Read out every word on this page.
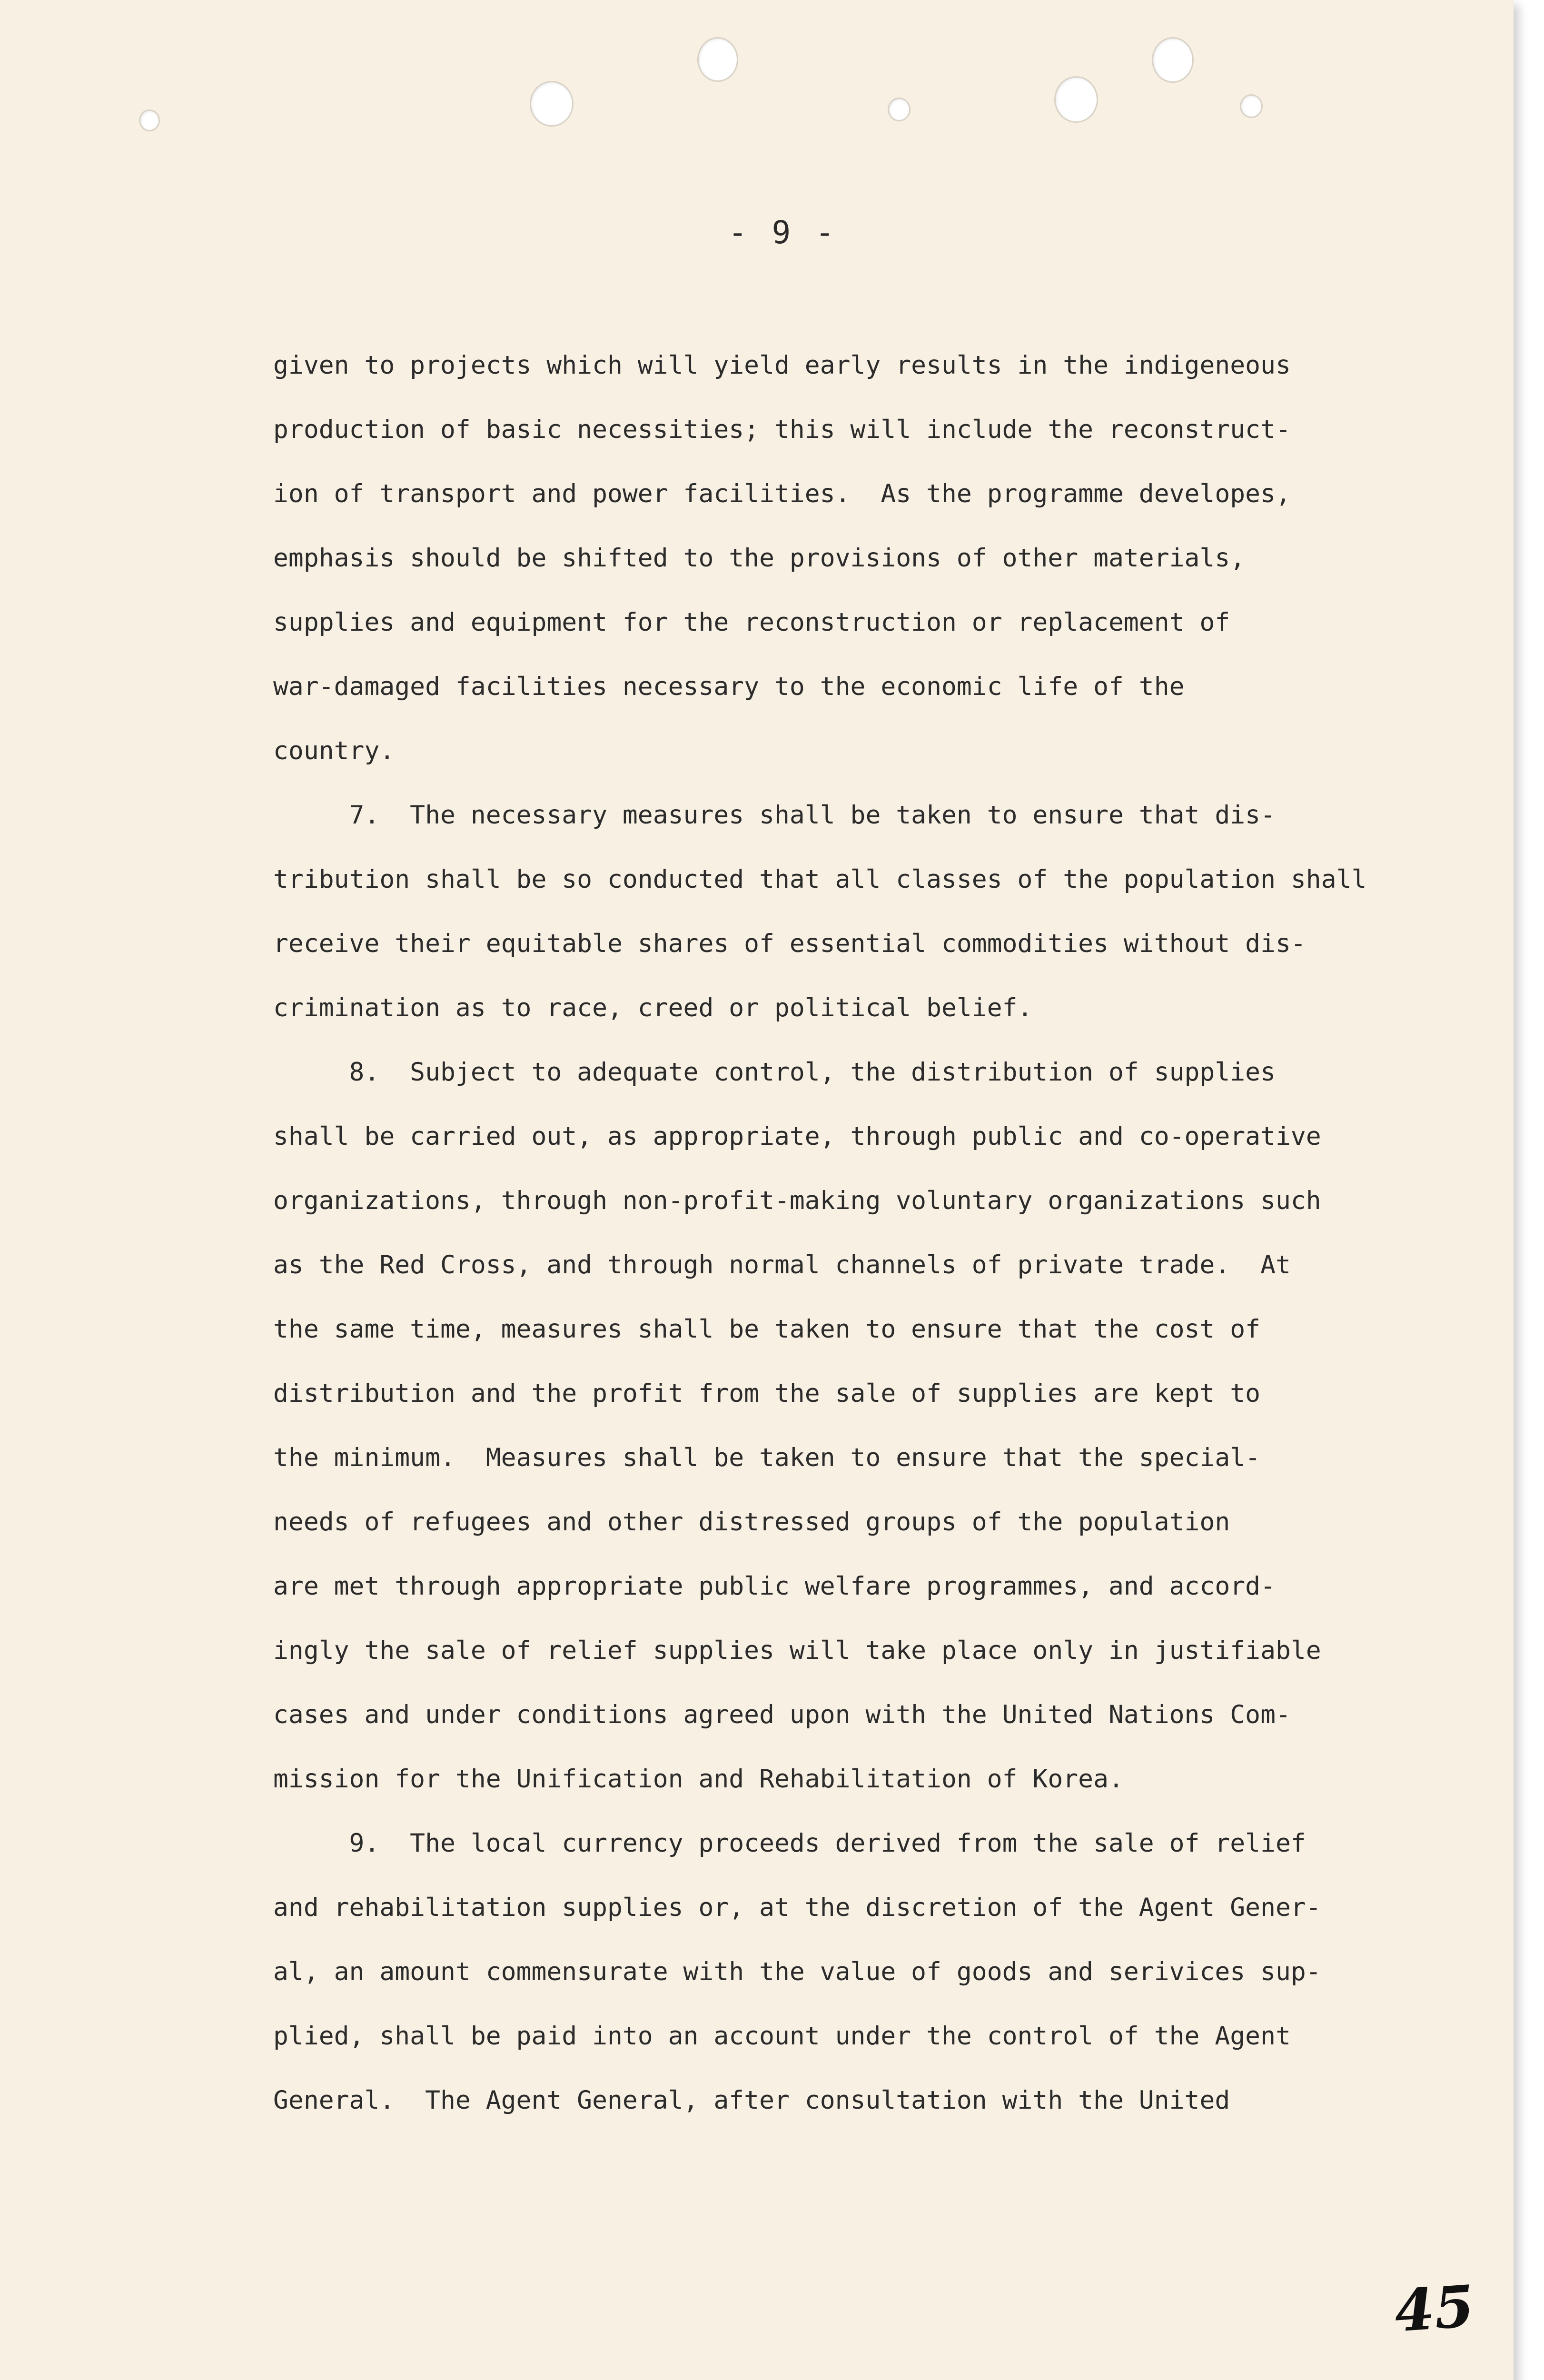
- 9 -
given to projects which will yield early results in the indigeneous
production of basic necessities; this will include the reconstruct-
ion of transport and power facilities.  As the programme developes,
emphasis should be shifted to the provisions of other materials,
supplies and equipment for the reconstruction or replacement of
war-damaged facilities necessary to the economic life of the
country.
7.  The necessary measures shall be taken to ensure that dis-
tribution shall be so conducted that all classes of the population shall
receive their equitable shares of essential commodities without dis-
crimination as to race, creed or political belief.
8.  Subject to adequate control, the distribution of supplies
shall be carried out, as appropriate, through public and co-operative
organizations, through non-profit-making voluntary organizations such
as the Red Cross, and through normal channels of private trade.  At
the same time, measures shall be taken to ensure that the cost of
distribution and the profit from the sale of supplies are kept to
the minimum.  Measures shall be taken to ensure that the special-
needs of refugees and other distressed groups of the population
are met through appropriate public welfare programmes, and accord-
ingly the sale of relief supplies will take place only in justifiable
cases and under conditions agreed upon with the United Nations Com-
mission for the Unification and Rehabilitation of Korea.
9.  The local currency proceeds derived from the sale of relief
and rehabilitation supplies or, at the discretion of the Agent Gener-
al, an amount commensurate with the value of goods and serivices sup-
plied, shall be paid into an account under the control of the Agent
General.  The Agent General, after consultation with the United
45
